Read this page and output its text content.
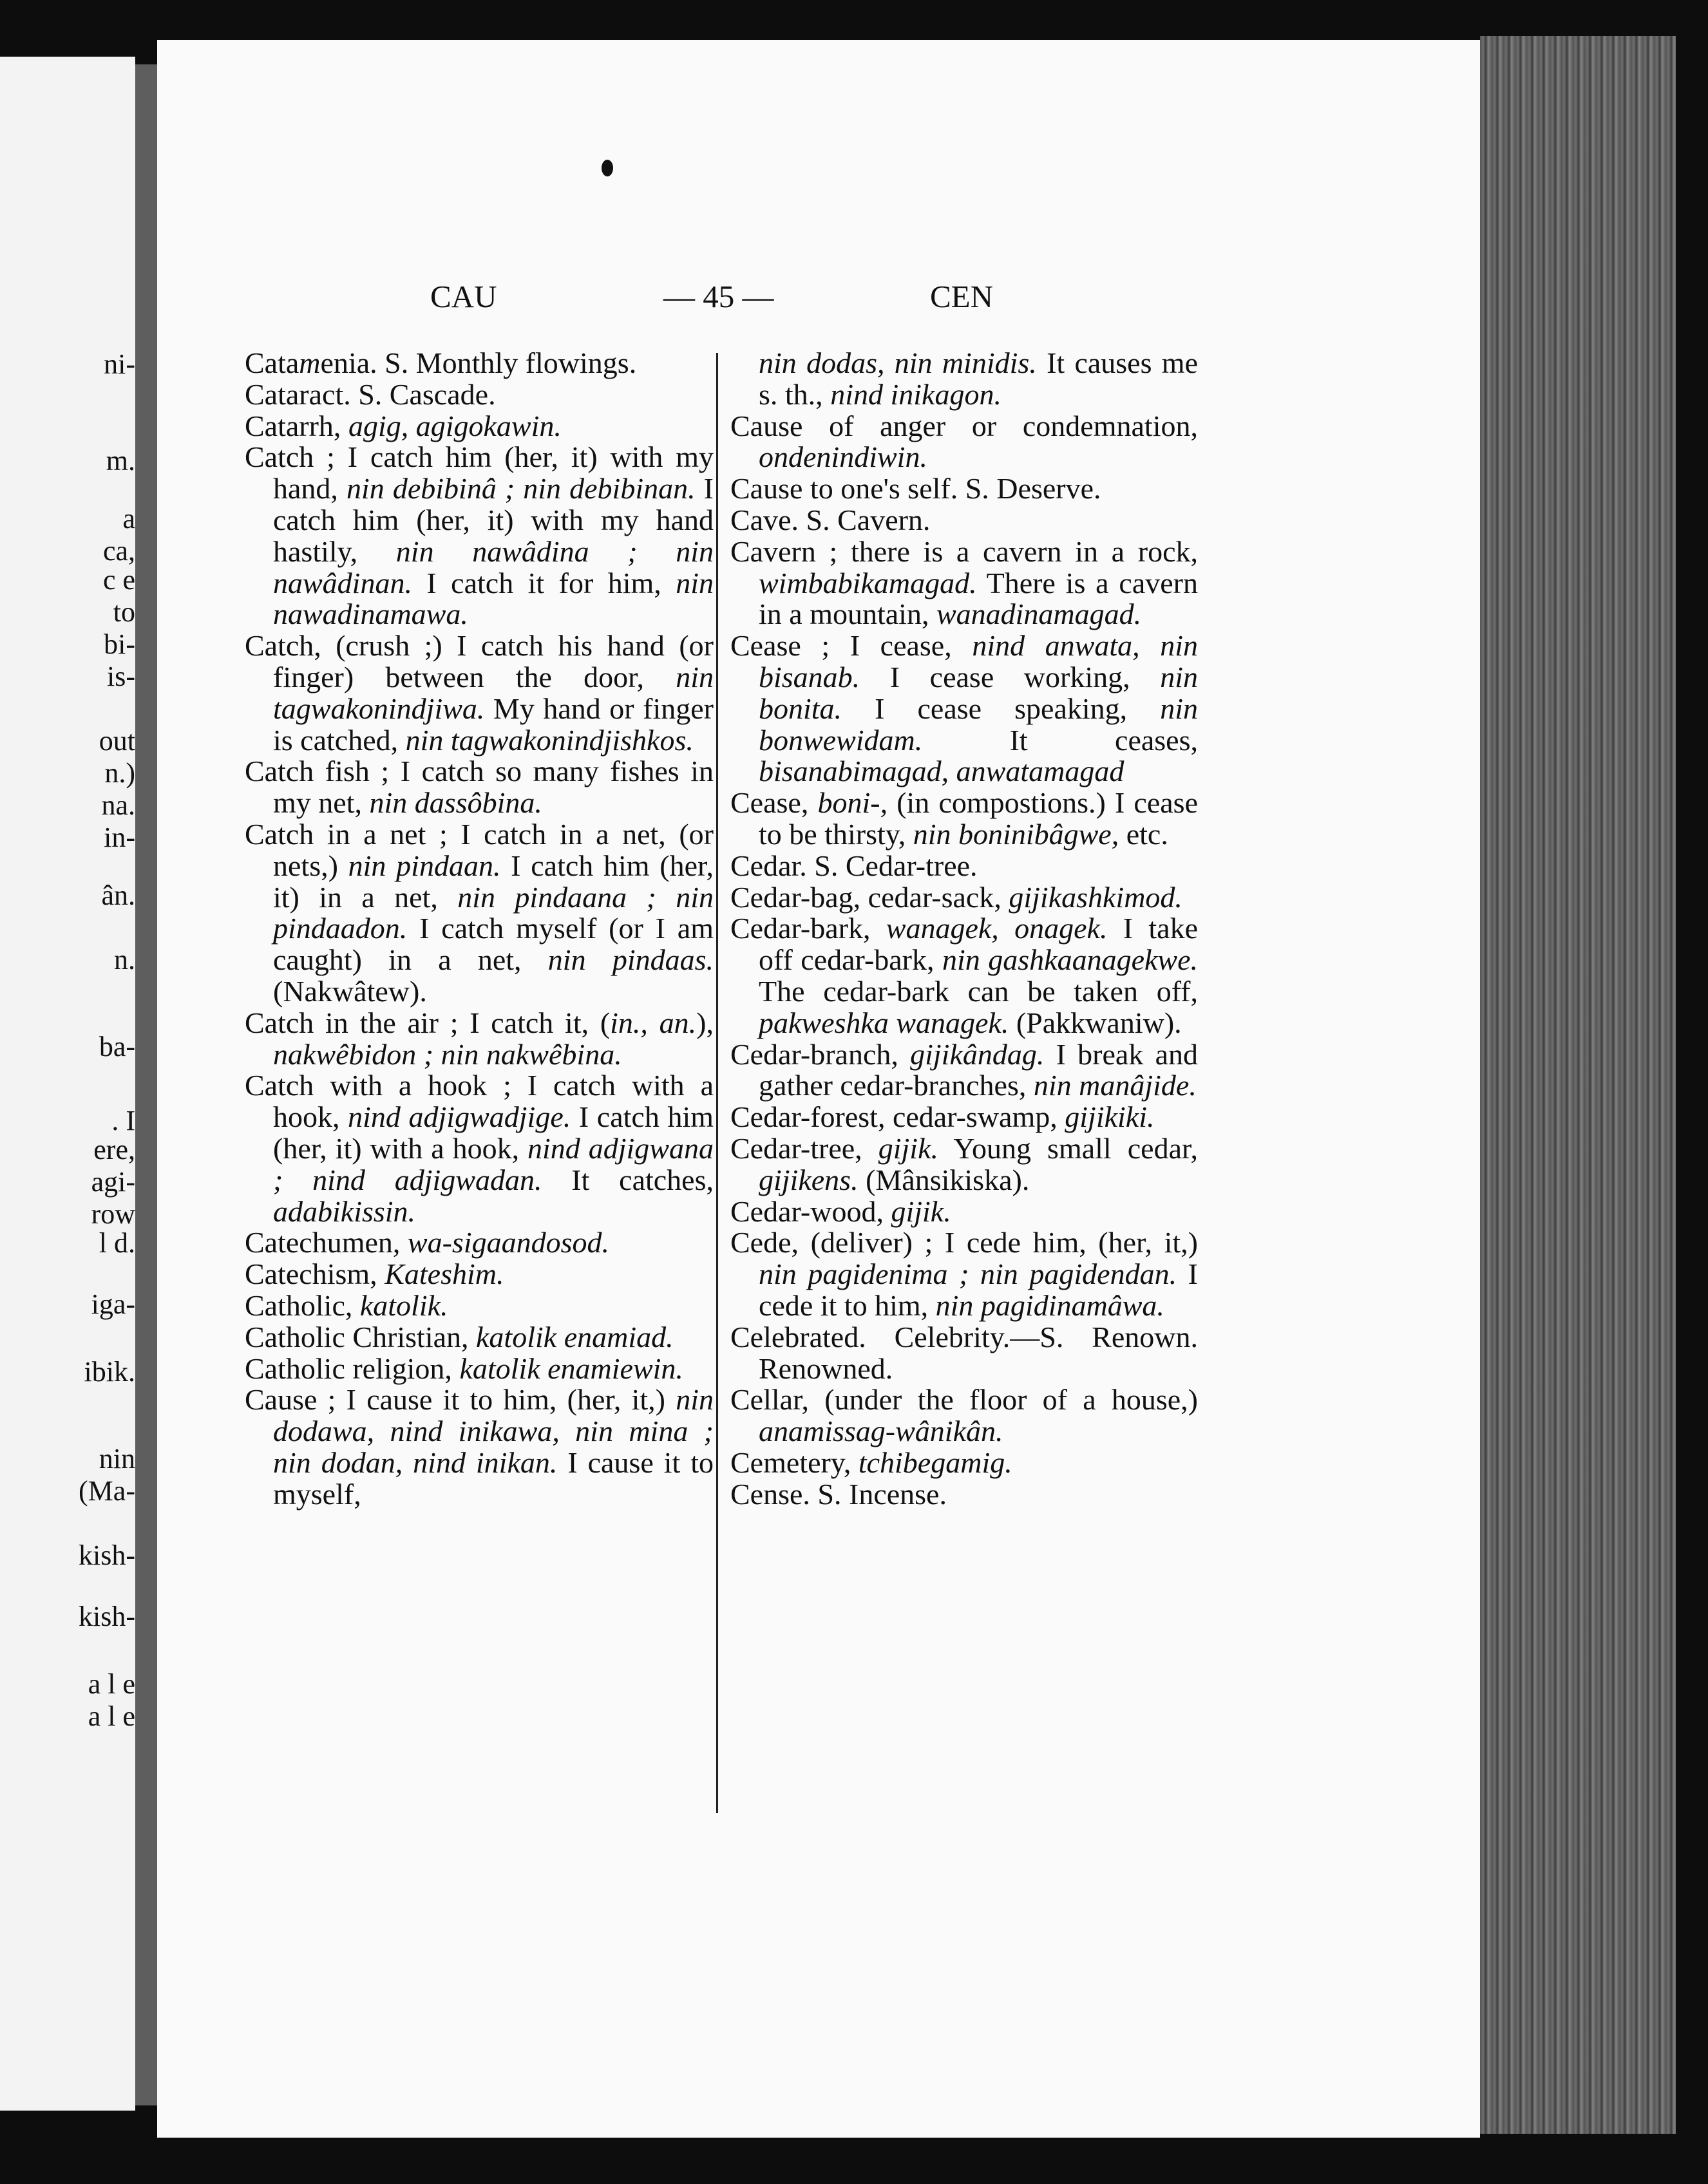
ni-
m.
a
ca,
c e
to
bi-
is-
out
n.)
na.
in-
ân.
n.
ba-
. I
ere,
agi-
row
l d.
iga-
ibik.
nin
(Ma-
kish-
kish-
a l e
a l e
CAU	— 45 —	CEN

Catamenia. S. Monthly flowings.

Cataract. S. Cascade.

Catarrh, agig, agigokawin.

Catch ; I catch him (her, it) with my hand, nin debibinâ ; nin debibinan. I catch him (her, it) with my hand hastily, nin nawâdina ; nin nawâdinan. I catch it for him, nin nawadinamawa.

Catch, (crush ;) I catch his hand (or finger) between the door, nin tagwakonindjiwa. My hand or finger is catched, nin tagwakonindjishkos.

Catch fish ; I catch so many fishes in my net, nin dassôbina.

Catch in a net ; I catch in a net, (or nets,) nin pindaan. I catch him (her, it) in a net, nin pindaana ; nin pindaadon. I catch myself (or I am caught) in a net, nin pindaas. (Nakwâtew).

Catch in the air ; I catch it, (in., an.), nakwêbidon ; nin nakwêbina.

Catch with a hook ; I catch with a hook, nind adjigwadjige. I catch him (her, it) with a hook, nind adjigwana ; nind adjigwadan. It catches, adabikissin.

Catechumen, wa-sigaandosod.

Catechism, Kateshim.

Catholic, katolik.

Catholic Christian, katolik enamiad.

Catholic religion, katolik enamiewin.

Cause ; I cause it to him, (her, it,) nin dodawa, nind inikawa, nin mina ; nin dodan, nind inikan. I cause it to myself,

nin dodas, nin minidis. It causes me s. th., nind inikagon.

Cause of anger or condemnation, ondenindiwin.

Cause to one's self. S. Deserve.

Cave. S. Cavern.

Cavern ; there is a cavern in a rock, wimbabikamagad. There is a cavern in a mountain, wanadinamagad.

Cease ; I cease, nind anwata, nin bisanab. I cease working, nin bonita. I cease speaking, nin bonwewidam. It ceases, bisanabimagad, anwatamagad

Cease, boni-, (in compostions.) I cease to be thirsty, nin boninibâgwe, etc.

Cedar. S. Cedar-tree.

Cedar-bag, cedar-sack, gijikashkimod.

Cedar-bark, wanagek, onagek. I take off cedar-bark, nin gashkaanagekwe. The cedar-bark can be taken off, pakweshka wanagek. (Pakkwaniw).

Cedar-branch, gijikândag. I break and gather cedar-branches, nin manâjide.

Cedar-forest, cedar-swamp, gijikiki.

Cedar-tree, gijik. Young small cedar, gijikens. (Mânsikiska).

Cedar-wood, gijik.

Cede, (deliver) ; I cede him, (her, it,) nin pagidenima ; nin pagidendan. I cede it to him, nin pagidinamâwa.

Celebrated. Celebrity.—S. Renown. Renowned.

Cellar, (under the floor of a house,) anamissag-wânikân.

Cemetery, tchibegamig.

Cense. S. Incense.
